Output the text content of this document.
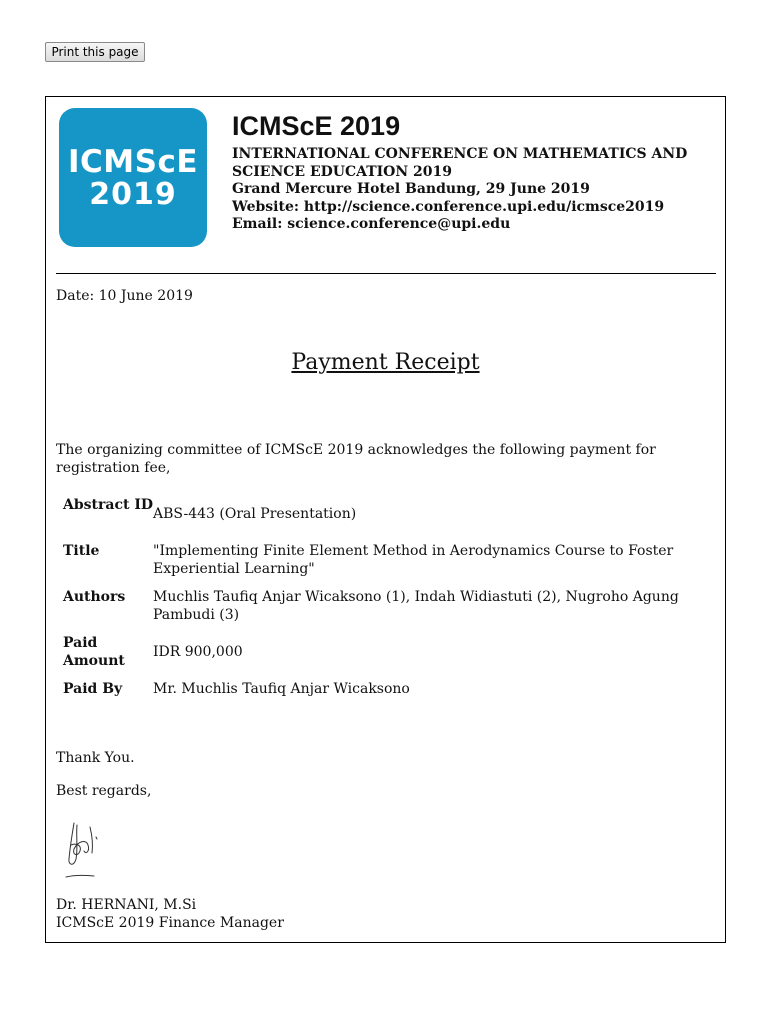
Print this page
ICMScE
2019
ICMScE 2019
INTERNATIONAL CONFERENCE ON MATHEMATICS AND
SCIENCE EDUCATION 2019
Grand Mercure Hotel Bandung, 29 June 2019
Website: http://science.conference.upi.edu/icmsce2019
Email: science.conference@upi.edu
Date: 10 June 2019
Payment Receipt
The organizing committee of ICMScE 2019 acknowledges the following payment for registration fee,
Abstract ID	ABS-443 (Oral Presentation)
Title	"Implementing Finite Element Method in Aerodynamics Course to Foster Experiential Learning"
Authors	Muchlis Taufiq Anjar Wicaksono (1), Indah Widiastuti (2), Nugroho Agung Pambudi (3)
Paid Amount	IDR 900,000
Paid By	Mr. Muchlis Taufiq Anjar Wicaksono
Thank You.
Best regards,
Dr. HERNANI, M.Si
ICMScE 2019 Finance Manager
